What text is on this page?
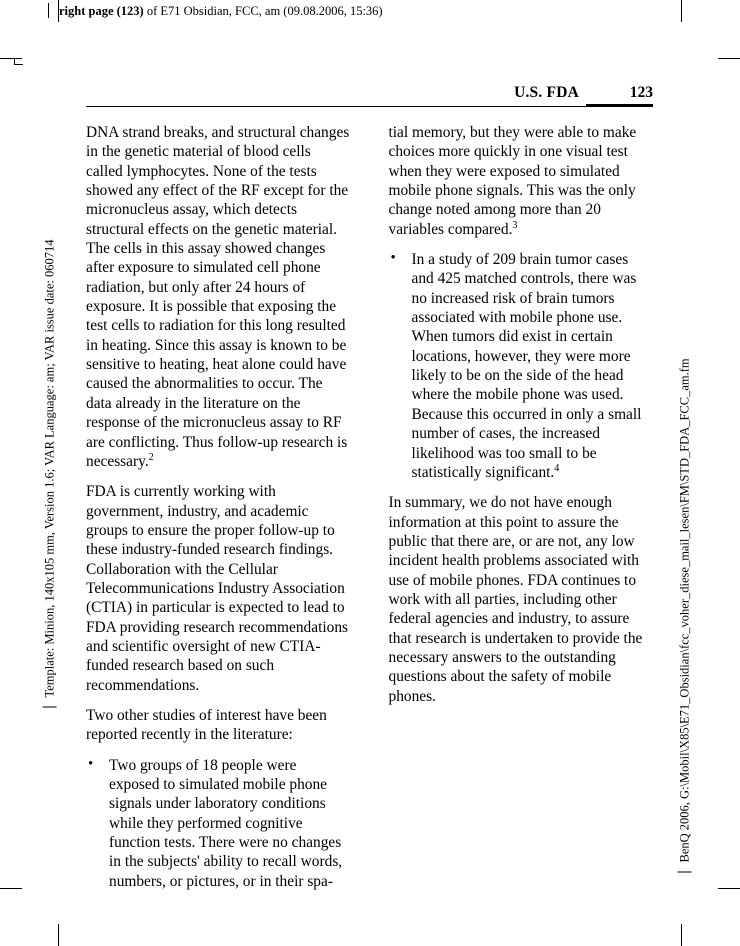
right page (123) of E71 Obsidian, FCC, am (09.08.2006, 15:36)
Template: Minion, 140x105 mm, Version 1.6; VAR Language: am; VAR issue date: 060714	BenQ 2006, G:\Mobil\X85\E71_Obsidian\fcc_voher_diese_mail_lesen\FM\STD_FDA_FCC_am.fm
U.S. FDA	123

DNA strand breaks, and structural changes in the genetic material of blood cells called lymphocytes. None of the tests showed any effect of the RF except for the micronucleus assay, which detects structural effects on the genetic material. The cells in this assay showed changes after exposure to simulated cell phone radiation, but only after 24 hours of exposure. It is possible that exposing the test cells to radiation for this long resulted in heating. Since this assay is known to be sensitive to heating, heat alone could have caused the abnormalities to occur. The data already in the literature on the response of the micronucleus assay to RF are conflicting. Thus follow-up research is necessary.$^2$

FDA is currently working with government, industry, and academic groups to ensure the proper follow-up to these industry-funded research findings. Collaboration with the Cellular Telecommunications Industry Association (CTIA) in particular is expected to lead to FDA providing research recommendations and scientific oversight of new CTIA-funded research based on such recommendations.

Two other studies of interest have been reported recently in the literature:

• Two groups of 18 people were exposed to simulated mobile phone signals under laboratory conditions while they performed cognitive function tests. There were no changes in the subjects' ability to recall words, numbers, or pictures, or in their spa-

tial memory, but they were able to make choices more quickly in one visual test when they were exposed to simulated mobile phone signals. This was the only change noted among more than 20 variables compared.$^3$

• In a study of 209 brain tumor cases and 425 matched controls, there was no increased risk of brain tumors associated with mobile phone use. When tumors did exist in certain locations, however, they were more likely to be on the side of the head where the mobile phone was used. Because this occurred in only a small number of cases, the increased likelihood was too small to be statistically significant.$^4$

In summary, we do not have enough information at this point to assure the public that there are, or are not, any low incident health problems associated with use of mobile phones. FDA continues to work with all parties, including other federal agencies and industry, to assure that research is undertaken to provide the necessary answers to the outstanding questions about the safety of mobile phones.
